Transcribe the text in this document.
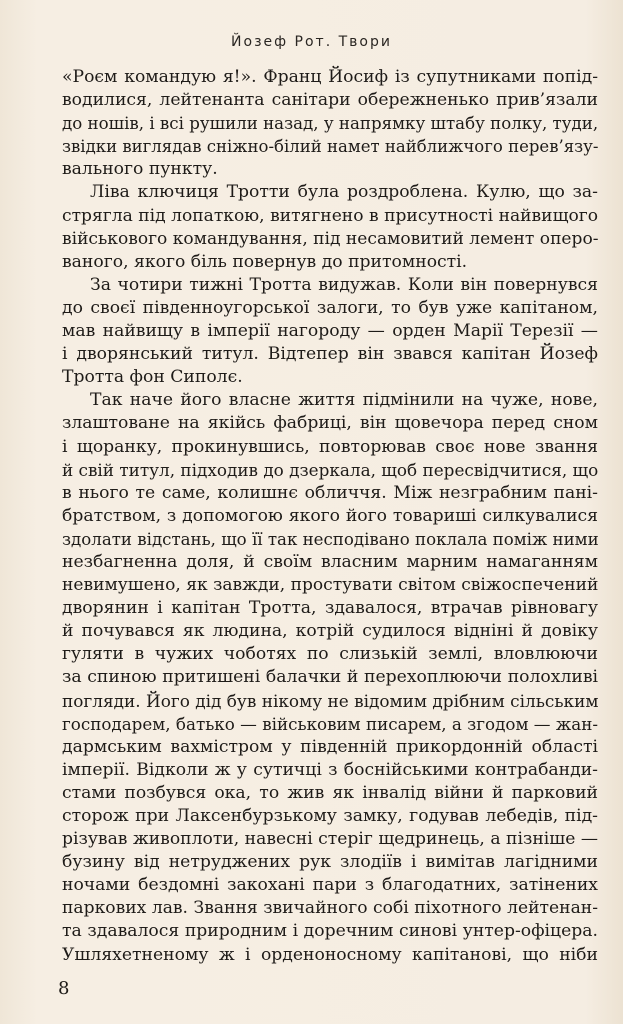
Йозеф Рот. Твори
«Роєм командую я!». Франц Йосиф із супутниками попід-
водилися, лейтенанта санітари обережненько прив’язали
до ношів, і всі рушили назад, у напрямку штабу полку, туди,
звідки виглядав сніжно-білий намет найближчого перев’язу-
вального пункту.
Ліва ключиця Тротти була роздроблена. Кулю, що за-
стрягла під лопаткою, витягнено в присутності найвищого
військового командування, під несамовитий лемент оперо-
ваного, якого біль повернув до притомності.
За чотири тижні Тротта видужав. Коли він повернувся
до своєї південноугорської залоги, то був уже капітаном,
мав найвищу в імперії нагороду — орден Марії Терезії —
і дворянський титул. Відтепер він звався капітан Йозеф
Тротта фон Сиполє.
Так наче його власне життя підмінили на чуже, нове,
злаштоване на якійсь фабриці, він щовечора перед сном
і щоранку, прокинувшись, повторював своє нове звання
й свій титул, підходив до дзеркала, щоб пересвідчитися, що
в нього те саме, колишнє обличчя. Між незграбним пані-
братством, з допомогою якого його товариші силкувалися
здолати відстань, що її так несподівано поклала поміж ними
незбагненна доля, й своїм власним марним намаганням
невимушено, як завжди, простувати світом свіжоспечений
дворянин і капітан Тротта, здавалося, втрачав рівновагу
й почувався як людина, котрій судилося відніні й довіку
гуляти в чужих чоботях по слизькій землі, вловлюючи
за спиною притишені балачки й перехоплюючи полохливі
погляди. Його дід був нікому не відомим дрібним сільським
господарем, батько — військовим писарем, а згодом — жан-
дармським вахмістром у південній прикордонній області
імперії. Відколи ж у сутичці з боснійськими контрабанди-
стами позбувся ока, то жив як інвалід війни й парковий
сторож при Лаксенбурзькому замку, годував лебедів, під-
різував живоплоти, навесні стеріг щедринець, а пізніше —
бузину від нетруджених рук злодіїв і вимітав лагідними
ночами бездомні закохані пари з благодатних, затінених
паркових лав. Звання звичайного собі піхотного лейтенан-
та здавалося природним і доречним синові унтер-офіцера.
Ушляхетненому ж і орденоносному капітанові, що ніби
8
